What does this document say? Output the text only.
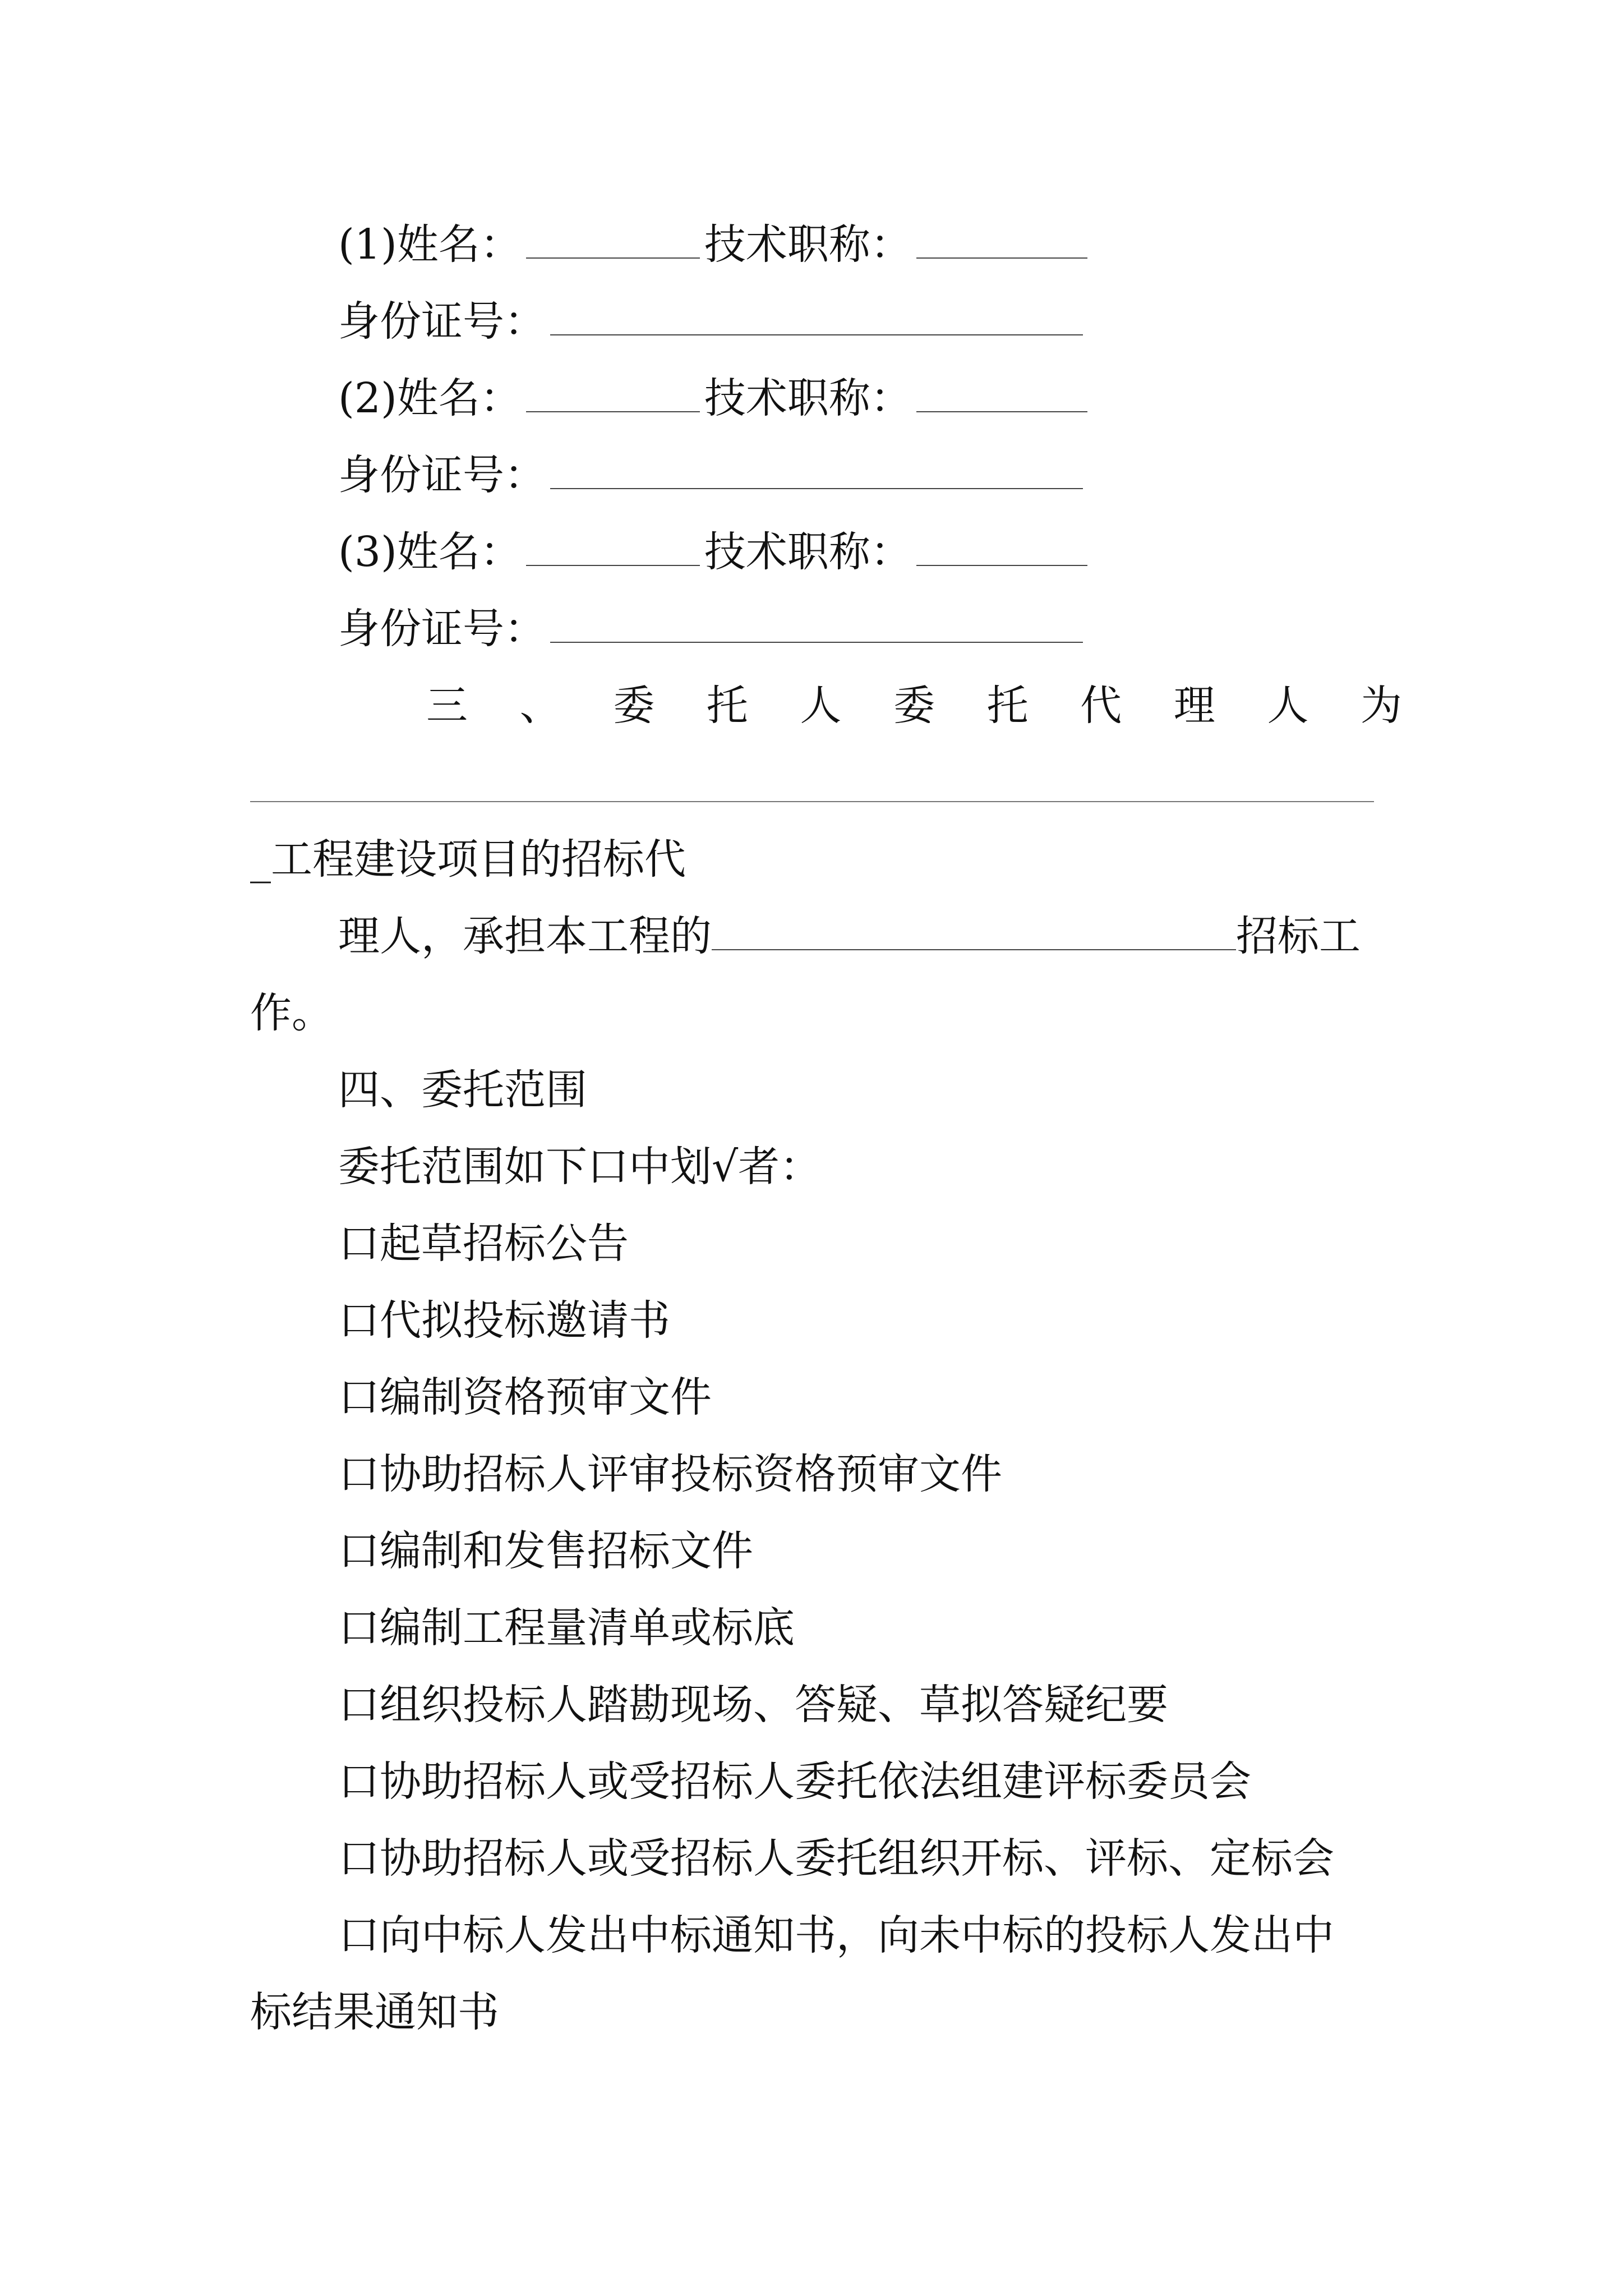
(1)姓名：	技术职称：
身份证号：
(2)姓名：	技术职称：
身份证号：
(3)姓名：	技术职称：
身份证号：
三 、 委 托 人 委 托 代 理 人 为
_工程建设项目的招标代
理人，承担本工程的	招标工
作。
四、委托范围
委托范围如下口中划√者：
口起草招标公告
口代拟投标邀请书
口编制资格预审文件
口协助招标人评审投标资格预审文件
口编制和发售招标文件
口编制工程量清单或标底
口组织投标人踏勘现场、答疑、草拟答疑纪要
口协助招标人或受招标人委托依法组建评标委员会
口协助招标人或受招标人委托组织开标、评标、定标会
口向中标人发出中标通知书，向未中标的投标人发出中
标结果通知书
